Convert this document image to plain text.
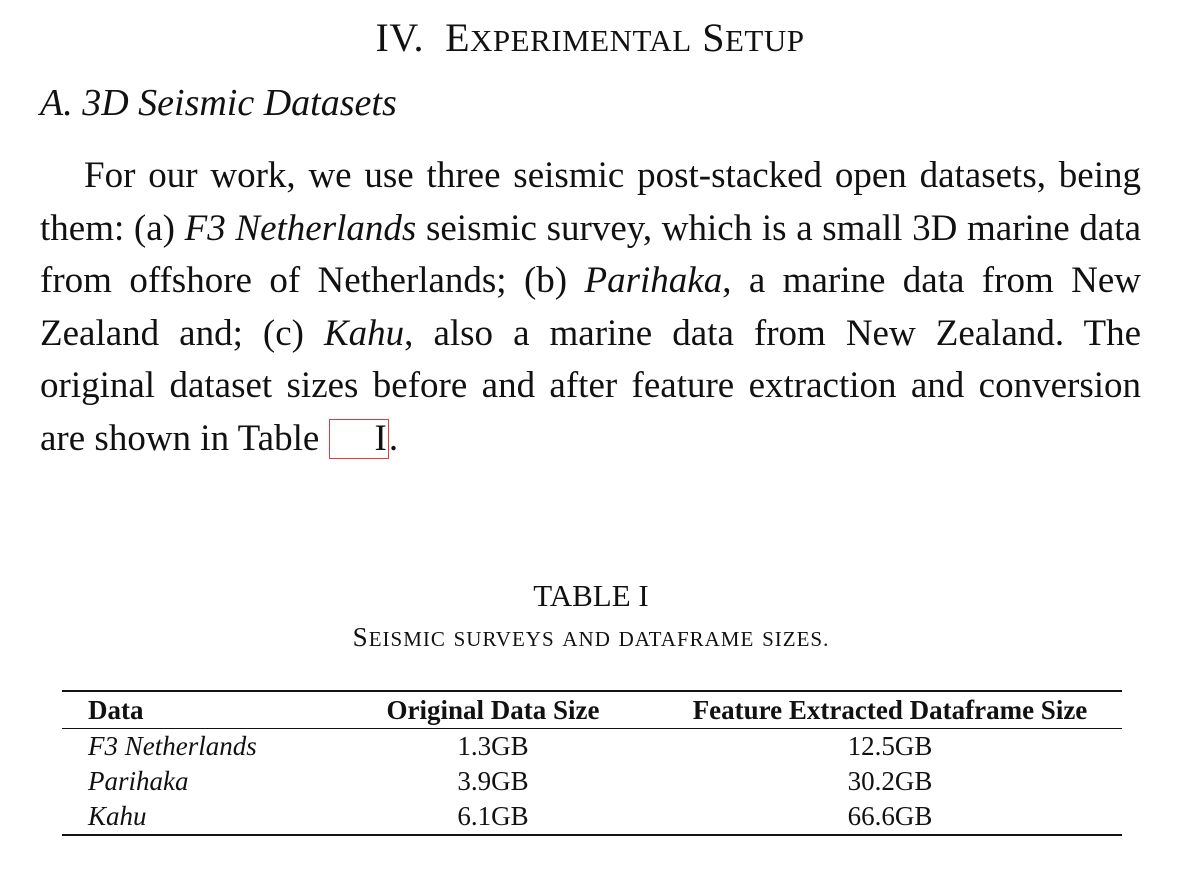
IV. EXPERIMENTAL SETUP
A. 3D Seismic Datasets

For our work, we use three seismic post-stacked open datasets, being them: (a) F3 Netherlands seismic survey, which is a small 3D marine data from offshore of Netherlands; (b) Parihaka, a marine data from New Zealand and; (c) Kahu, also a marine data from New Zealand. The original dataset sizes before and after feature extraction and conversion are shown in Table I.

TABLE I
SEISMIC SURVEYS AND DATAFRAME SIZES.
Data	Original Data Size	Feature Extracted Dataframe Size
F3 Netherlands	1.3GB	12.5GB
Parihaka	3.9GB	30.2GB
Kahu	6.1GB	66.6GB
